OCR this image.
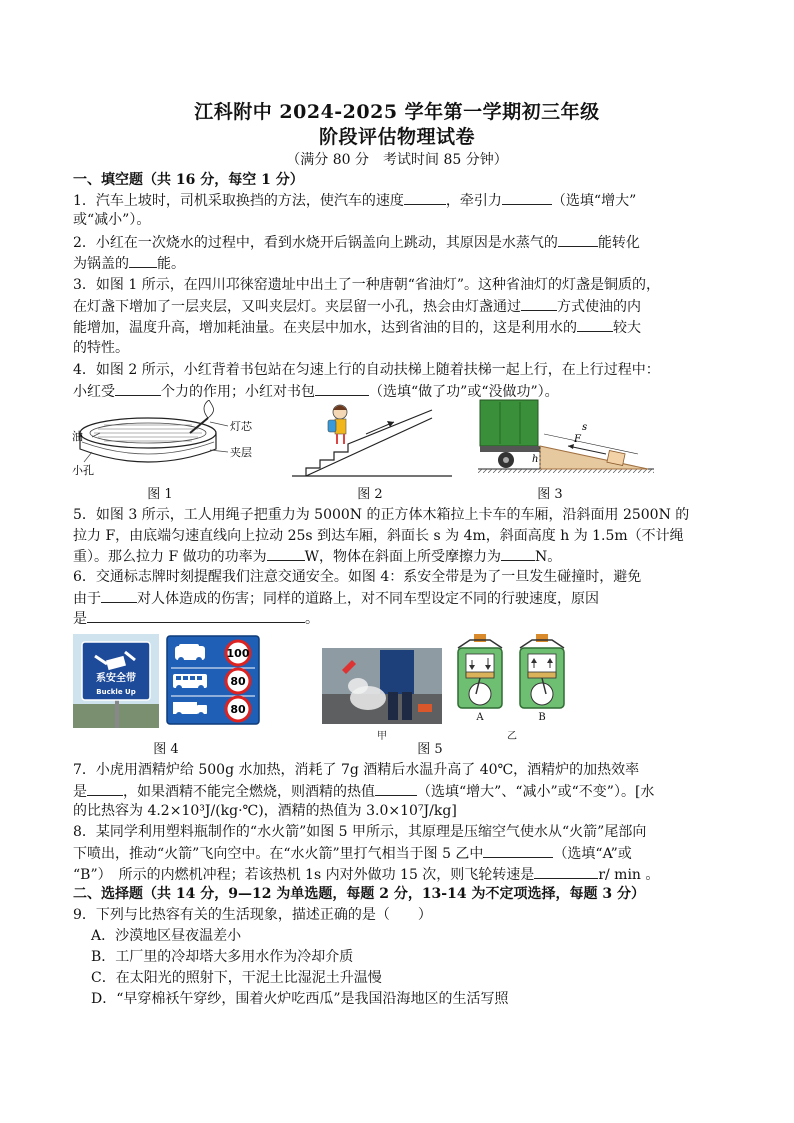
江科附中 2024-2025 学年第一学期初三年级
阶段评估物理试卷
（满分 80 分　考试时间 85 分钟）
一、填空题（共 16 分，每空 1 分）
1．汽车上坡时，司机采取换挡的方法，使汽车的速度	，牵引力	（选填“增大”
或“减小”）。
2．小红在一次烧水的过程中，看到水烧开后锅盖向上跳动，其原因是水蒸气的	能转化
为锅盖的 能。
3．如图 1 所示，在四川邛徕窑遗址中出土了一种唐朝“省油灯”。这种省油灯的灯盏是铜质的，
在灯盏下增加了一层夹层，又叫夹层灯。夹层留一小孔，热会由灯盏通过	方式使油的内
能增加，温度升高，增加耗油量。在夹层中加水，达到省油的目的，这是利用水的	较大
的特性。
4．如图 2 所示，小红背着书包站在匀速上行的自动扶梯上随着扶梯一起上行，在上行过程中：
小红受	个力的作用；小红对书包	（选填“做了功”或“没做功”）。
油
灯芯
夹层
小孔
图 1	图 2
s
F
h
图 3
5．如图 3 所示，工人用绳子把重力为 5000N 的正方体木箱拉上卡车的车厢，沿斜面用 2500N 的
拉力 F，由底端匀速直线向上拉动 25s 到达车厢，斜面长 s 为 4m，斜面高度 h 为 1.5m（不计绳
重）。那么拉力 F 做功的功率为	W，物体在斜面上所受摩擦力为 N。
6．交通标志牌时刻提醒我们注意交通安全。如图 4：系安全带是为了一旦发生碰撞时，避免
由于	对人体造成的伤害；同样的道路上，对不同车型设定不同的行驶速度，原因
是	。
系安全带
Buckle Up
100
80
80
图 4
甲
A	B
图 5
乙
7．小虎用酒精炉给 500g 水加热，消耗了 7g 酒精后水温升高了 40℃，酒精炉的加热效率
是	，如果酒精不能完全燃烧，则酒精的热值	（选填“增大”、“减小”或“不变”）。[水
的比热容为 4.2×10³J/(kg·℃)，酒精的热值为 3.0×10⁷J/kg]
8．某同学利用塑料瓶制作的“水火箭”如图 5 甲所示，其原理是压缩空气使水从“火箭”尾部向
下喷出，推动“火箭”飞向空中。在“水火箭”里打气相当于图 5 乙中	（选填“A”或
“B”）　所示的内燃机冲程；若该热机 1s 内对外做功 15 次，则飞轮转速是	r/ min 。
二、选择题（共 14 分，9—12 为单选题，每题 2 分，13-14 为不定项选择，每题 3 分）
9．下列与比热容有关的生活现象，描述正确的是（　　）
A．沙漠地区昼夜温差小
B．工厂里的冷却塔大多用水作为冷却介质
C．在太阳光的照射下，干泥土比湿泥土升温慢
D．“早穿棉袄午穿纱，围着火炉吃西瓜”是我国沿海地区的生活写照
